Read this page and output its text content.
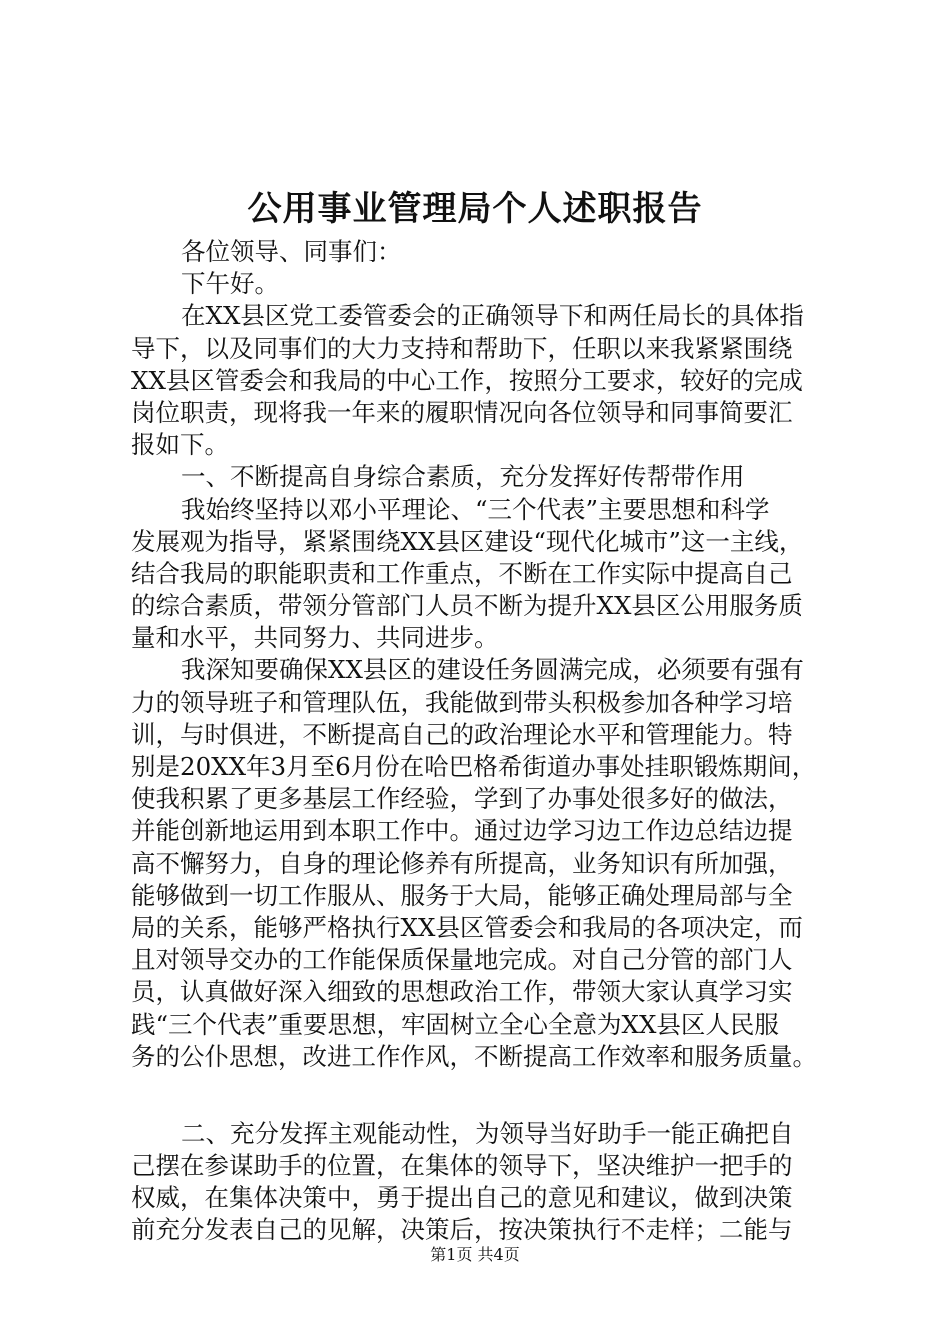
公用事业管理局个人述职报告
各位领导、同事们：
下午好。
在XX县区党工委管委会的正确领导下和两任局长的具体指
导下，以及同事们的大力支持和帮助下，任职以来我紧紧围绕
XX县区管委会和我局的中心工作，按照分工要求，较好的完成
岗位职责，现将我一年来的履职情况向各位领导和同事简要汇
报如下。
一、不断提高自身综合素质，充分发挥好传帮带作用
我始终坚持以邓小平理论、“三个代表”主要思想和科学
发展观为指导，紧紧围绕XX县区建设“现代化城市”这一主线，
结合我局的职能职责和工作重点，不断在工作实际中提高自己
的综合素质，带领分管部门人员不断为提升XX县区公用服务质
量和水平，共同努力、共同进步。
我深知要确保XX县区的建设任务圆满完成，必须要有强有
力的领导班子和管理队伍，我能做到带头积极参加各种学习培
训，与时俱进，不断提高自己的政治理论水平和管理能力。特
别是20XX年3月至6月份在哈巴格希街道办事处挂职锻炼期间，
使我积累了更多基层工作经验，学到了办事处很多好的做法，
并能创新地运用到本职工作中。通过边学习边工作边总结边提
高不懈努力，自身的理论修养有所提高，业务知识有所加强，
能够做到一切工作服从、服务于大局，能够正确处理局部与全
局的关系，能够严格执行XX县区管委会和我局的各项决定，而
且对领导交办的工作能保质保量地完成。对自己分管的部门人
员，认真做好深入细致的思想政治工作，带领大家认真学习实
践“三个代表”重要思想，牢固树立全心全意为XX县区人民服
务的公仆思想，改进工作作风，不断提高工作效率和服务质量。
二、充分发挥主观能动性，为领导当好助手一能正确把自
己摆在参谋助手的位置，在集体的领导下，坚决维护一把手的
权威，在集体决策中，勇于提出自己的意见和建议，做到决策
前充分发表自己的见解，决策后，按决策执行不走样；二能与
第1页 共4页
